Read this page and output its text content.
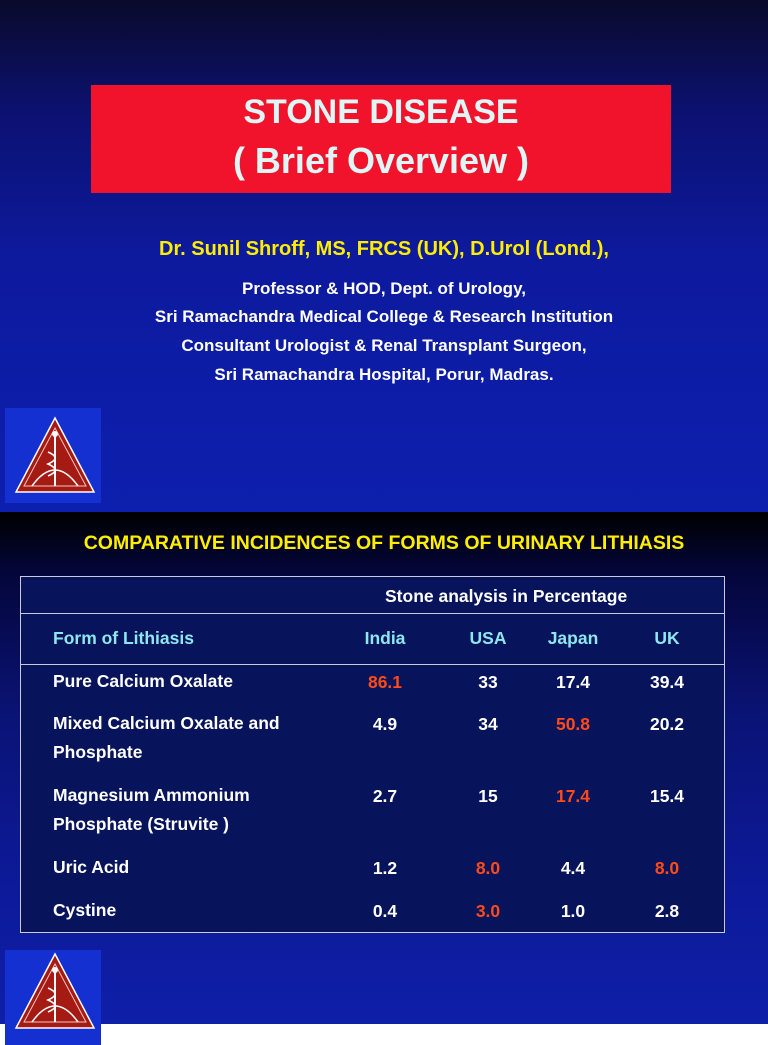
STONE DISEASE
( Brief Overview )
Dr. Sunil Shroff, MS, FRCS (UK), D.Urol (Lond.),
Professor & HOD, Dept. of Urology,
Sri Ramachandra Medical College & Research Institution
Consultant Urologist & Renal Transplant Surgeon,
Sri Ramachandra Hospital, Porur, Madras.
COMPARATIVE INCIDENCES OF FORMS OF URINARY LITHIASIS
Stone analysis in Percentage
Form of Lithiasis	India	USA	Japan	UK
Pure Calcium Oxalate	86.1	33	17.4	39.4
Mixed Calcium Oxalate and Phosphate
4.9	34	50.8	20.2
Magnesium Ammonium Phosphate (Struvite )
2.7	15	17.4	15.4
Uric Acid	1.2	8.0	4.4	8.0
Cystine	0.4	3.0	1.0	2.8
